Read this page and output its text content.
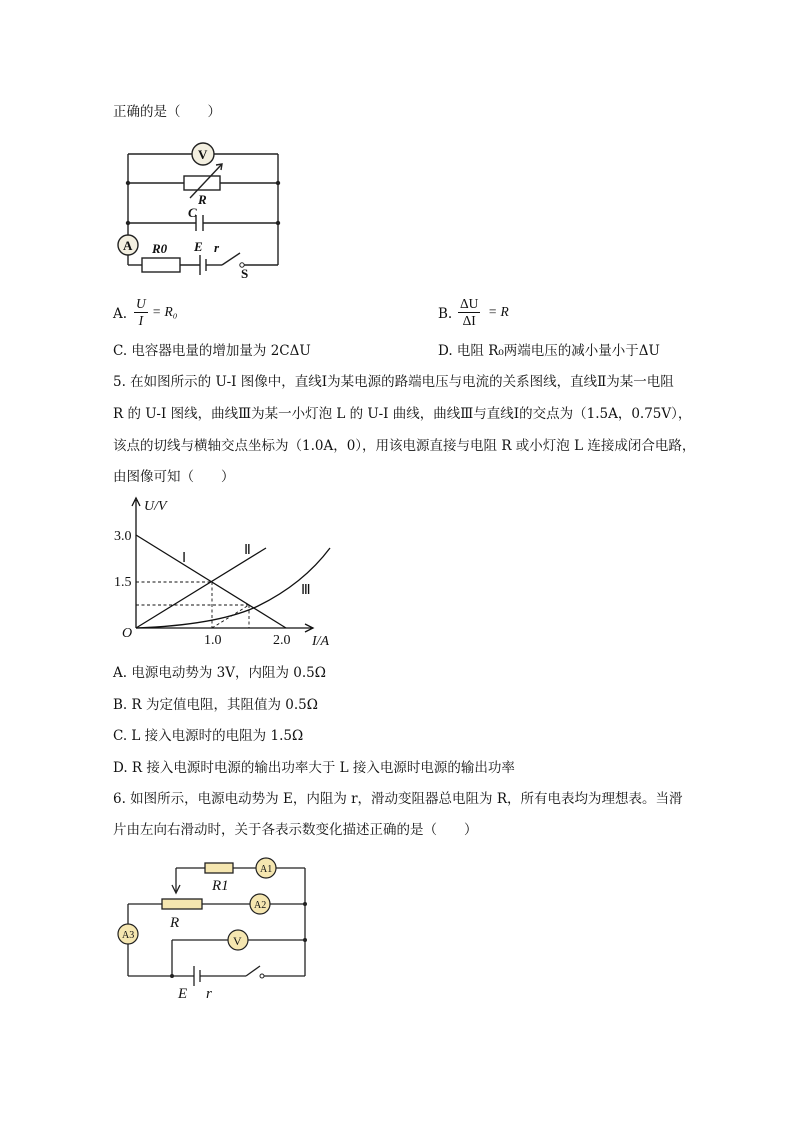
正确的是（　　）
V
A
R
C
R0 E r
S
A. $\frac{U}{I} = R_0$	B. $\frac{\Delta U}{\Delta I} = R$
C. 电容器电量的增加量为 2CΔU	D. 电阻 R₀两端电压的减小量小于ΔU
5. 在如图所示的 U-I 图像中，直线Ⅰ为某电源的路端电压与电流的关系图线，直线Ⅱ为某一电阻
R 的 U-I 图线，曲线Ⅲ为某一小灯泡 L 的 U-I 曲线，曲线Ⅲ与直线Ⅰ的交点为（1.5A，0.75V），
该点的切线与横轴交点坐标为（1.0A，0），用该电源直接与电阻 R 或小灯泡 L 连接成闭合电路，
由图像可知（　　）
U/V
3.0
1.5
O	1.0	2.0 I/A
Ⅰ
Ⅱ
Ⅲ
A. 电源电动势为 3V，内阻为 0.5Ω
B. R 为定值电阻，其阻值为 0.5Ω
C. L 接入电源时的电阻为 1.5Ω
D. R 接入电源时电源的输出功率大于 L 接入电源时电源的输出功率
6. 如图所示，电源电动势为 E，内阻为 r，滑动变阻器总电阻为 R，所有电表均为理想表。当滑
片由左向右滑动时，关于各表示数变化描述正确的是（　　）
A1
A2
A3	V
R1
R
E r
